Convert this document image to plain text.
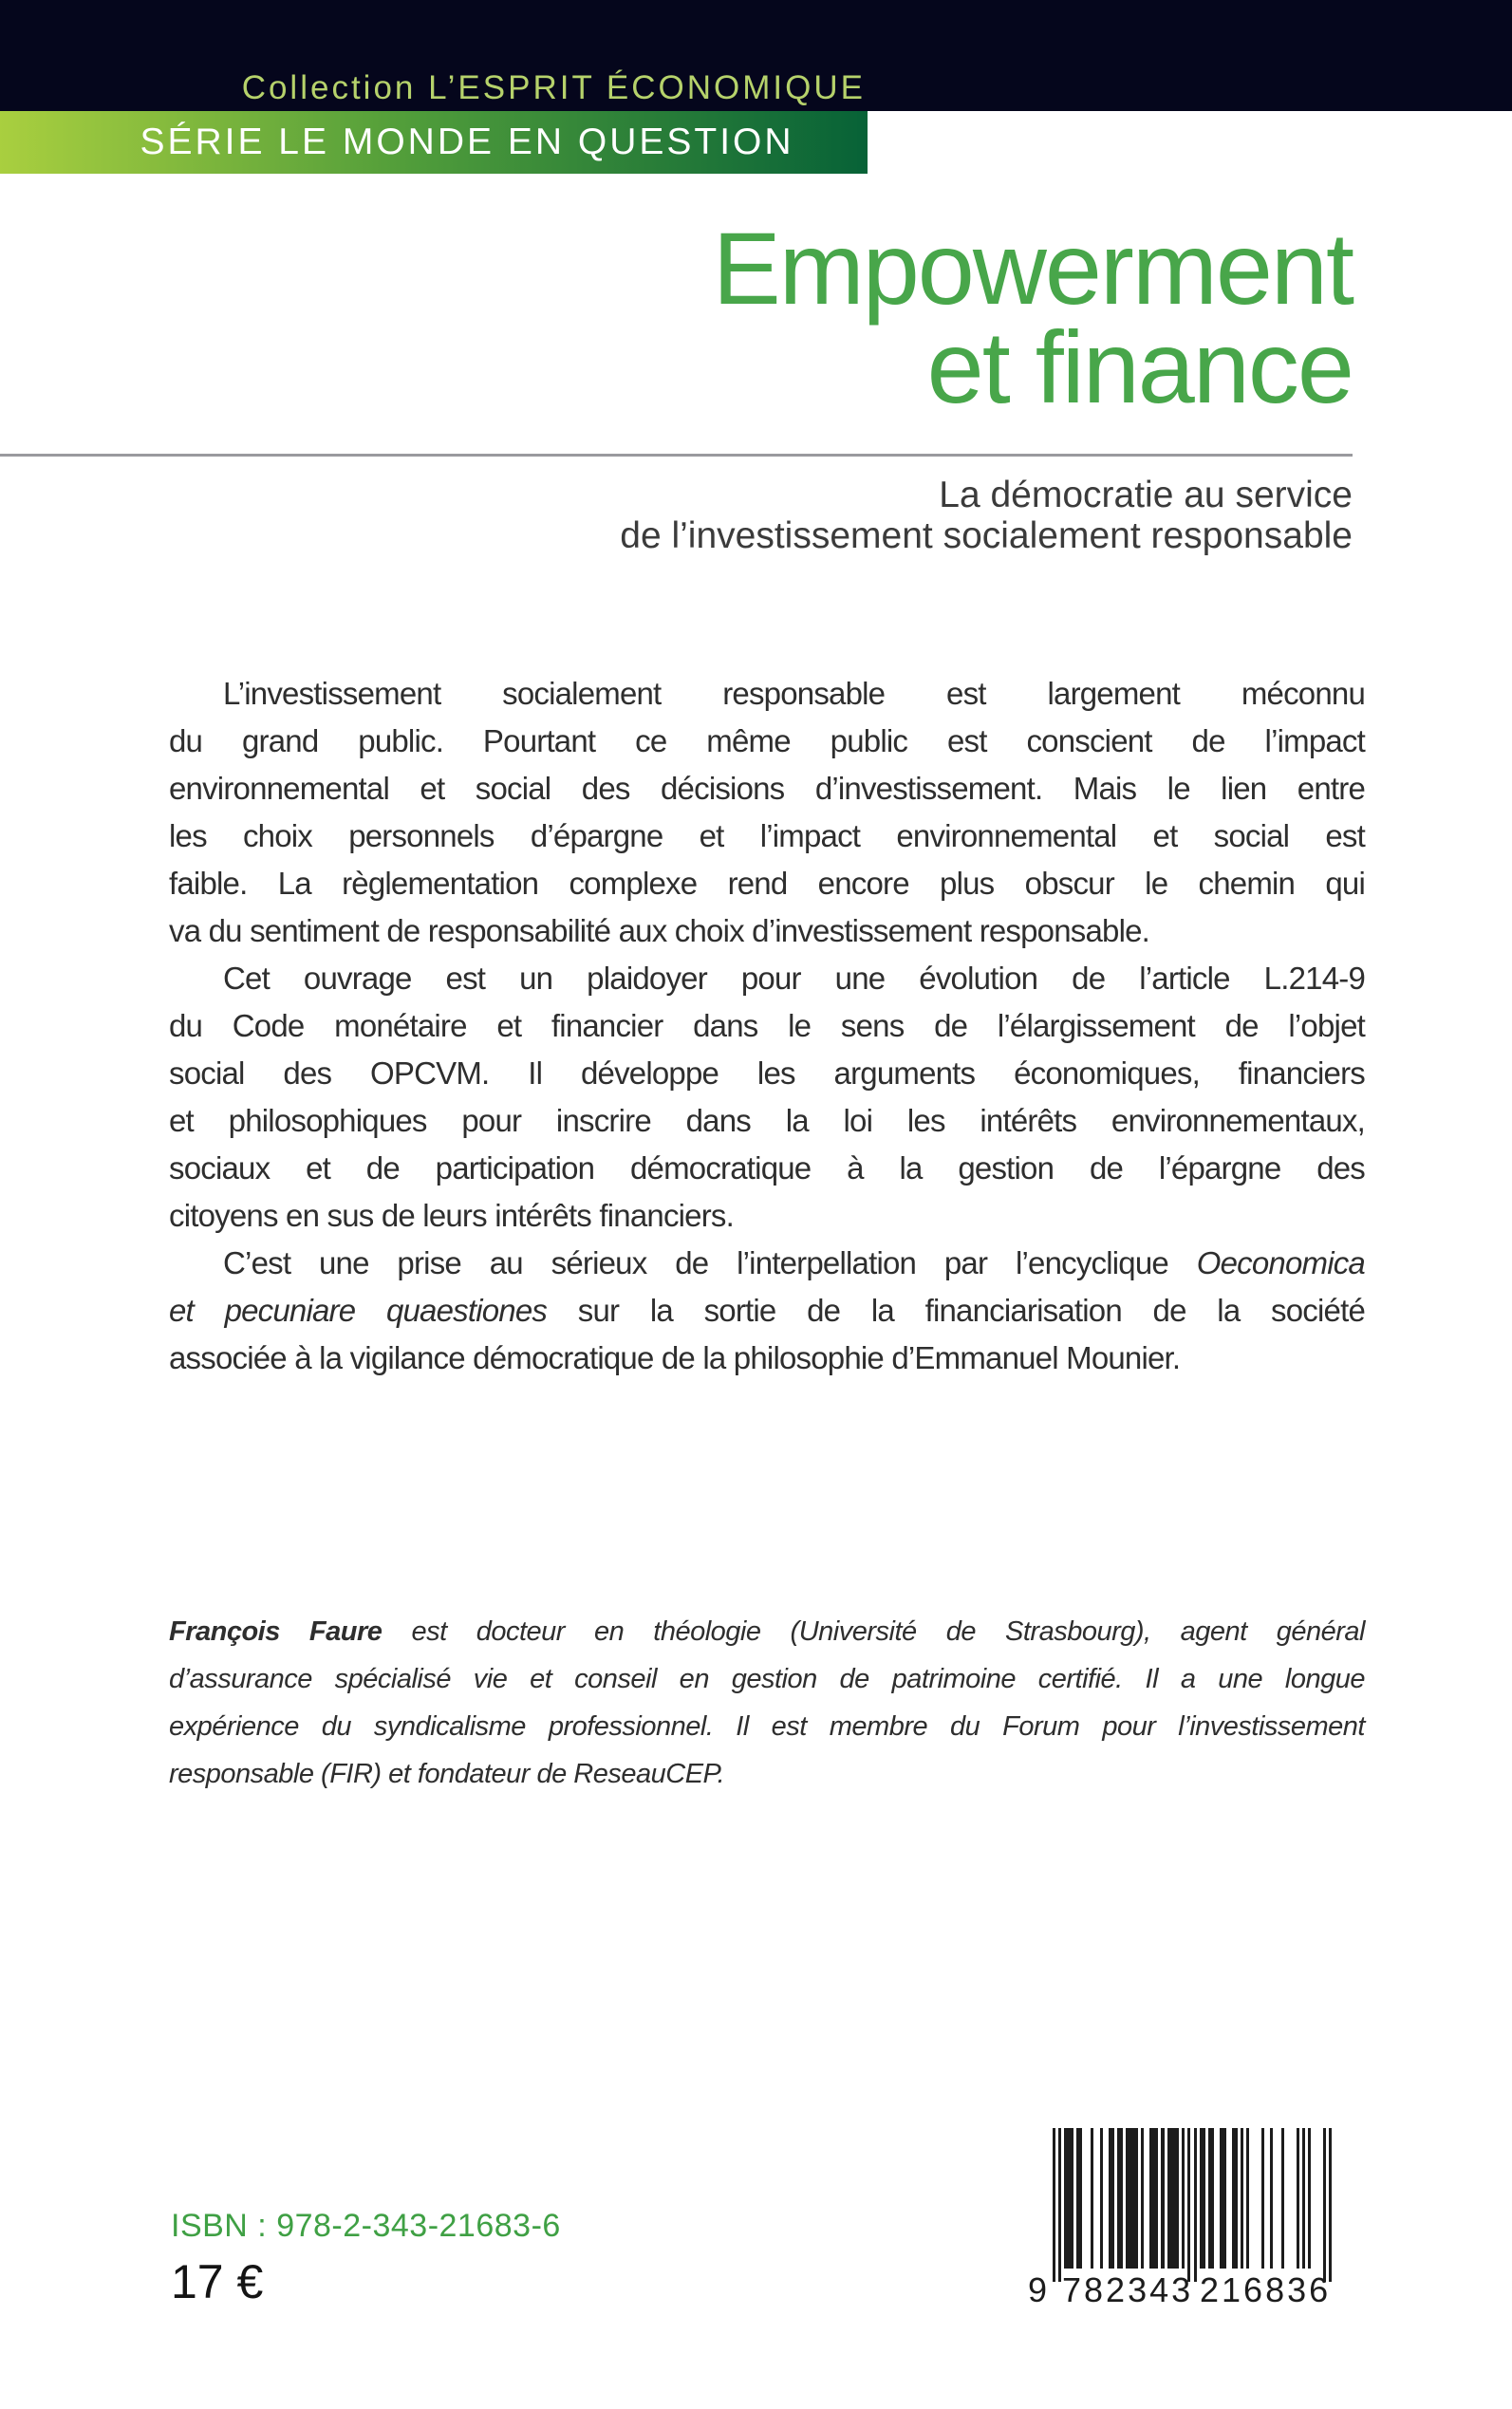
Collection L’ESPRIT ÉCONOMIQUE
SÉRIE LE MONDE EN QUESTION
Empowerment
et finance
La démocratie au service
de l’investissement socialement responsable
L’investissement socialement responsable est largement méconnu
du grand public. Pourtant ce même public est conscient de l’impact
environnemental et social des décisions d’investissement. Mais le lien entre
les choix personnels d’épargne et l’impact environnemental et social est
faible. La règlementation complexe rend encore plus obscur le chemin qui
va du sentiment de responsabilité aux choix d’investissement responsable.
Cet ouvrage est un plaidoyer pour une évolution de l’article L.214-9
du Code monétaire et financier dans le sens de l’élargissement de l’objet
social des OPCVM. Il développe les arguments économiques, financiers
et philosophiques pour inscrire dans la loi les intérêts environnementaux,
sociaux et de participation démocratique à la gestion de l’épargne des
citoyens en sus de leurs intérêts financiers.
C’est une prise au sérieux de l’interpellation par l’encyclique Oeconomica
et pecuniare quaestiones sur la sortie de la financiarisation de la société
associée à la vigilance démocratique de la philosophie d’Emmanuel Mounier.
François Faure est docteur en théologie (Université de Strasbourg), agent général
d’assurance spécialisé vie et conseil en gestion de patrimoine certifié. Il a une longue
expérience du syndicalisme professionnel. Il est membre du Forum pour l’investissement
responsable (FIR) et fondateur de ReseauCEP.
ISBN : 978-2-343-21683-6
17 €	9 782343 216836
